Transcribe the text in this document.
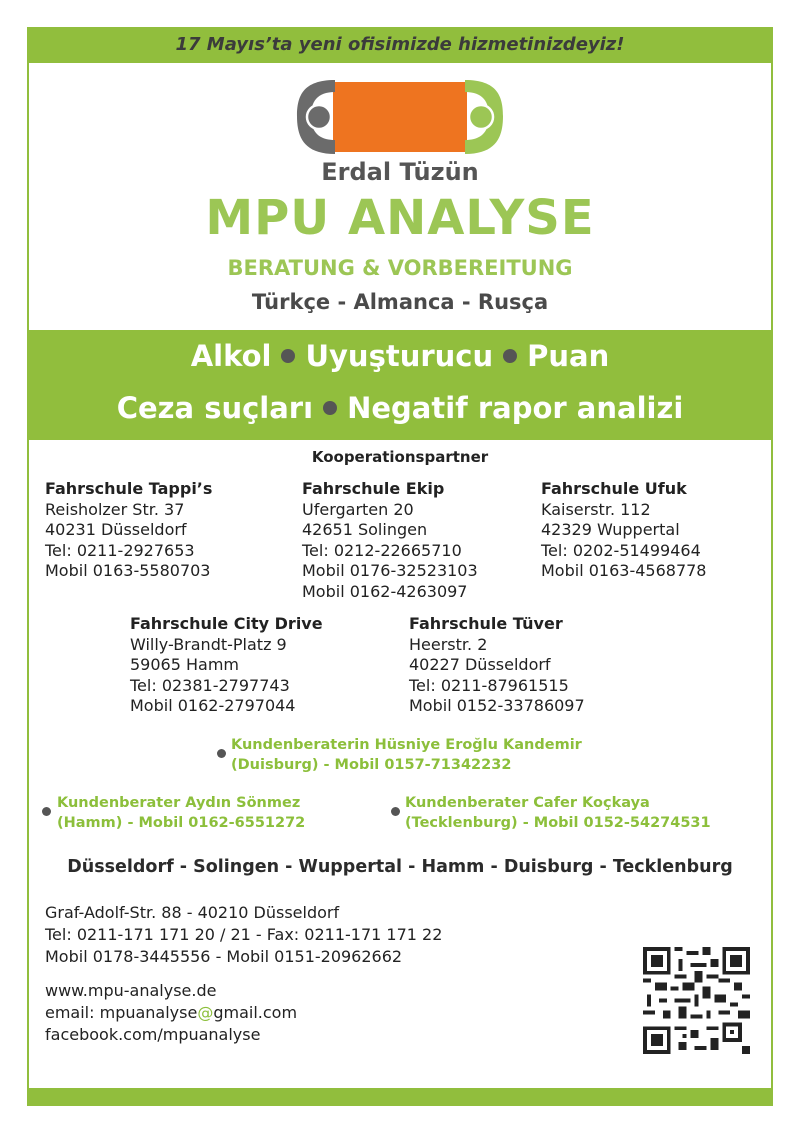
17 Mayıs’ta yeni ofisimizde hizmetinizdeyiz!
Erdal Tüzün
MPU ANALYSE
BERATUNG & VORBEREITUNG
Türkçe - Almanca - Rusça
Alkol Uyuşturucu Puan
Ceza suçları Negatif rapor analizi
Kooperationspartner
Fahrschule Tappi’s
Reisholzer Str. 37
40231 Düsseldorf
Tel: 0211-2927653
Mobil 0163-5580703
Fahrschule Ekip
Ufergarten 20
42651 Solingen
Tel: 0212-22665710
Mobil 0176-32523103
Mobil 0162-4263097
Fahrschule Ufuk
Kaiserstr. 112
42329 Wuppertal
Tel: 0202-51499464
Mobil 0163-4568778
Fahrschule City Drive
Willy-Brandt-Platz 9
59065 Hamm
Tel: 02381-2797743
Mobil 0162-2797044
Fahrschule Tüver
Heerstr. 2
40227 Düsseldorf
Tel: 0211-87961515
Mobil 0152-33786097
Kundenberaterin Hüsniye Eroğlu Kandemir
(Duisburg) - Mobil 0157-71342232
Kundenberater Aydın Sönmez
(Hamm) - Mobil 0162-6551272
Kundenberater Cafer Koçkaya
(Tecklenburg) - Mobil 0152-54274531
Düsseldorf - Solingen - Wuppertal - Hamm - Duisburg - Tecklenburg
Graf-Adolf-Str. 88 - 40210 Düsseldorf
Tel: 0211-171 171 20 / 21 - Fax: 0211-171 171 22
Mobil 0178-3445556 - Mobil 0151-20962662
www.mpu-analyse.de
email: mpuanalyse@gmail.com
facebook.com/mpuanalyse
Wir danken der Firma Elektro Preuwe - Artur Kania für die freundliche Unterstützung
